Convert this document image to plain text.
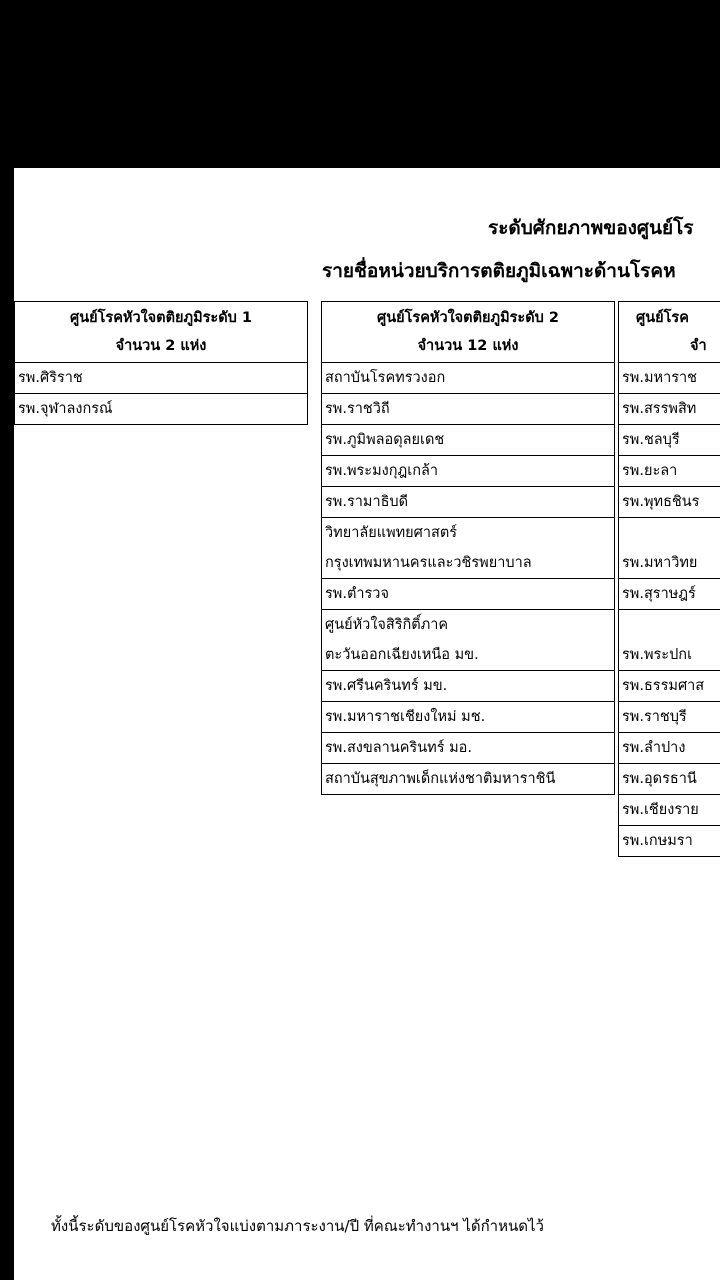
ระดับศักยภาพของศูนย์โร
รายชื่อหน่วยบริการตติยภูมิเฉพาะด้านโรคห
ศูนย์โรคหัวใจตติยภูมิระดับ 1
จำนวน 2 แห่ง
รพ.ศิริราช
รพ.จุฬาลงกรณ์
ศูนย์โรคหัวใจตติยภูมิระดับ 2
จำนวน 12 แห่ง
สถาบันโรคทรวงอก
รพ.ราชวิถี
รพ.ภูมิพลอดุลยเดช
รพ.พระมงกุฎเกล้า
รพ.รามาธิบดี
วิทยาลัยแพทยศาสตร์
กรุงเทพมหานครและวชิรพยาบาล
รพ.ตำรวจ
ศูนย์หัวใจสิริกิติ์ภาค
ตะวันออกเฉียงเหนือ มข.
รพ.ศรีนครินทร์ มข.
รพ.มหาราชเชียงใหม่ มช.
รพ.สงขลานครินทร์ มอ.
สถาบันสุขภาพเด็กแห่งชาติมหาราชินี
ศูนย์โรค
จำ
รพ.มหาราช
รพ.สรรพสิท
รพ.ชลบุรี
รพ.ยะลา
รพ.พุทธชินร
รพ.มหาวิทย
รพ.สุราษฎร์
รพ.พระปกเ
รพ.ธรรมศาส
รพ.ราชบุรี
รพ.ลำปาง
รพ.อุดรธานี
รพ.เชียงราย
รพ.เกษมรา
ทั้งนี้ระดับของศูนย์โรคหัวใจแบ่งตามภาระงาน/ปี ที่คณะทำงานฯ ได้กำหนดไว้
